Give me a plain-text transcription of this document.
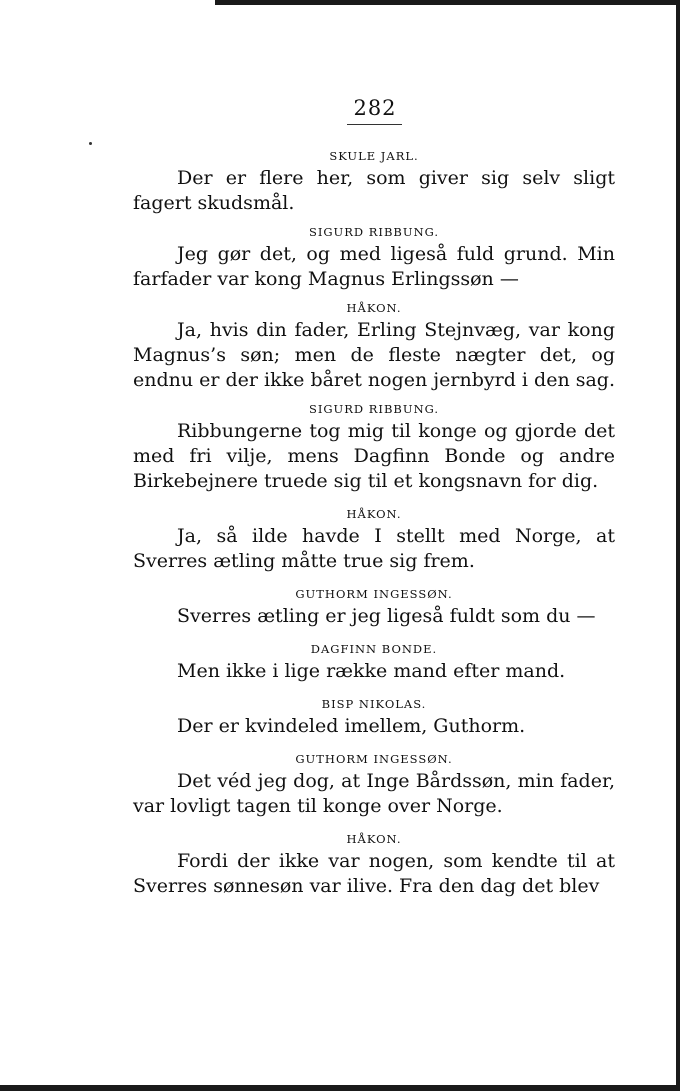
282

SKULE JARL.

Der er flere her, som giver sig selv sligt fagert skudsmål.

SIGURD RIBBUNG.

Jeg gør det, og med ligeså fuld grund. Min farfader var kong Magnus Erlingssøn —

HÅKON.

Ja, hvis din fader, Erling Stejnvæg, var kong Magnus’s søn; men de fleste nægter det, og endnu er der ikke båret nogen jernbyrd i den sag.

SIGURD RIBBUNG.

Ribbungerne tog mig til konge og gjorde det med fri vilje, mens Dagfinn Bonde og andre Birkebejnere truede sig til et kongsnavn for dig.

HÅKON.

Ja, så ilde havde I stellt med Norge, at Sverres ætling måtte true sig frem.

GUTHORM INGESSØN.

Sverres ætling er jeg ligeså fuldt som du —

DAGFINN BONDE.

Men ikke i lige række mand efter mand.

BISP NIKOLAS.

Der er kvindeled imellem, Guthorm.

GUTHORM INGESSØN.

Det véd jeg dog, at Inge Bårdssøn, min fader, var lovligt tagen til konge over Norge.

HÅKON.

Fordi der ikke var nogen, som kendte til at Sverres sønnesøn var ilive. Fra den dag det blev
